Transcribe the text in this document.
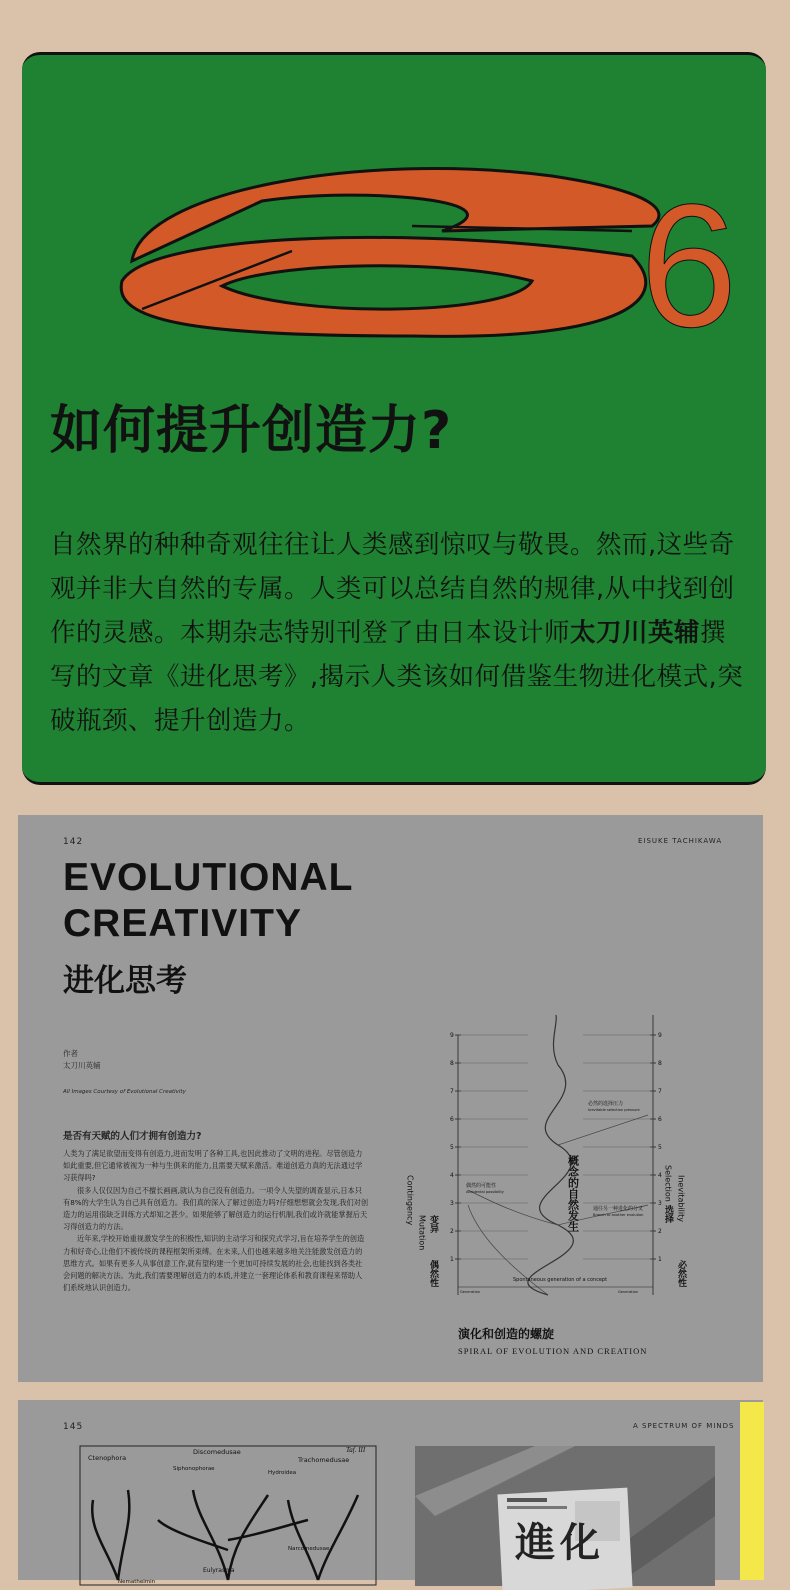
6
如何提升创造力?
自然界的种种奇观往往让人类感到惊叹与敬畏。然而,这些奇观并非大自然的专属。人类可以总结自然的规律,从中找到创作的灵感。本期杂志特别刊登了由日本设计师太刀川英辅撰写的文章《进化思考》,揭示人类该如何借鉴生物进化模式,突破瓶颈、提升创造力。
142	EISUKE TACHIKAWA
EVOLUTIONAL
CREATIVITY
进化思考
作者
太刀川英辅
All Images Courtesy of Evolutional Creativity
是否有天赋的人们才拥有创造力?

人类为了满足欲望而变得有创造力,进而发明了各种工具,也因此推动了文明的进程。尽管创造力如此重要,但它通常被视为一种与生俱来的能力,且需要天赋来激活。难道创造力真的无法通过学习获得吗?

很多人仅仅因为自己不擅长画画,就认为自己没有创造力。一项令人失望的调查显示,日本只有8%的大学生认为自己具有创造力。我们真的深入了解过创造力吗?仔细想想就会发现,我们对创造力的运用很缺乏训练方式却知之甚少。如果能够了解创造力的运行机制,我们或许就能掌握后天习得创造力的方法。

近年来,学校开始重视激发学生的积极性,知识的主动学习和探究式学习,旨在培养学生的创造力和好奇心,让他们不被传统的课程框架所束缚。在未来,人们也越来越多地关注能激发创造力的思维方式。如果有更多人从事创意工作,就有望构建一个更加可持续发展的社会,也能找到各类社会问题的解决方法。为此,我们需要理解创造力的本质,并建立一套理论体系和教育课程来帮助人们系统地认识创造力。

9
8
7
6
5
4
3
2
1
9
8
7
6
5
4
3
2
1
概念的自然发生
偶然的可能性
Accidental possibility
必然的选择压力
Inevitable selection pressure
通往另一种进化的分叉
Branch to another evolution
Spontaneous generation of a concept
Generation	Generation
变异
Mutation
偶然性
Contingency	选择
Selection
必然性
Inevitability
演化和创造的螺旋
SPIRAL OF EVOLUTION AND CREATION
145	A SPECTRUM OF MINDS
Taf. III
Ctenophora
Discomedusae
Trachomedusae
Siphonophorae
Hydroidea
Narcomedusae
Eulyrasma
Nemathelmin
進 化
